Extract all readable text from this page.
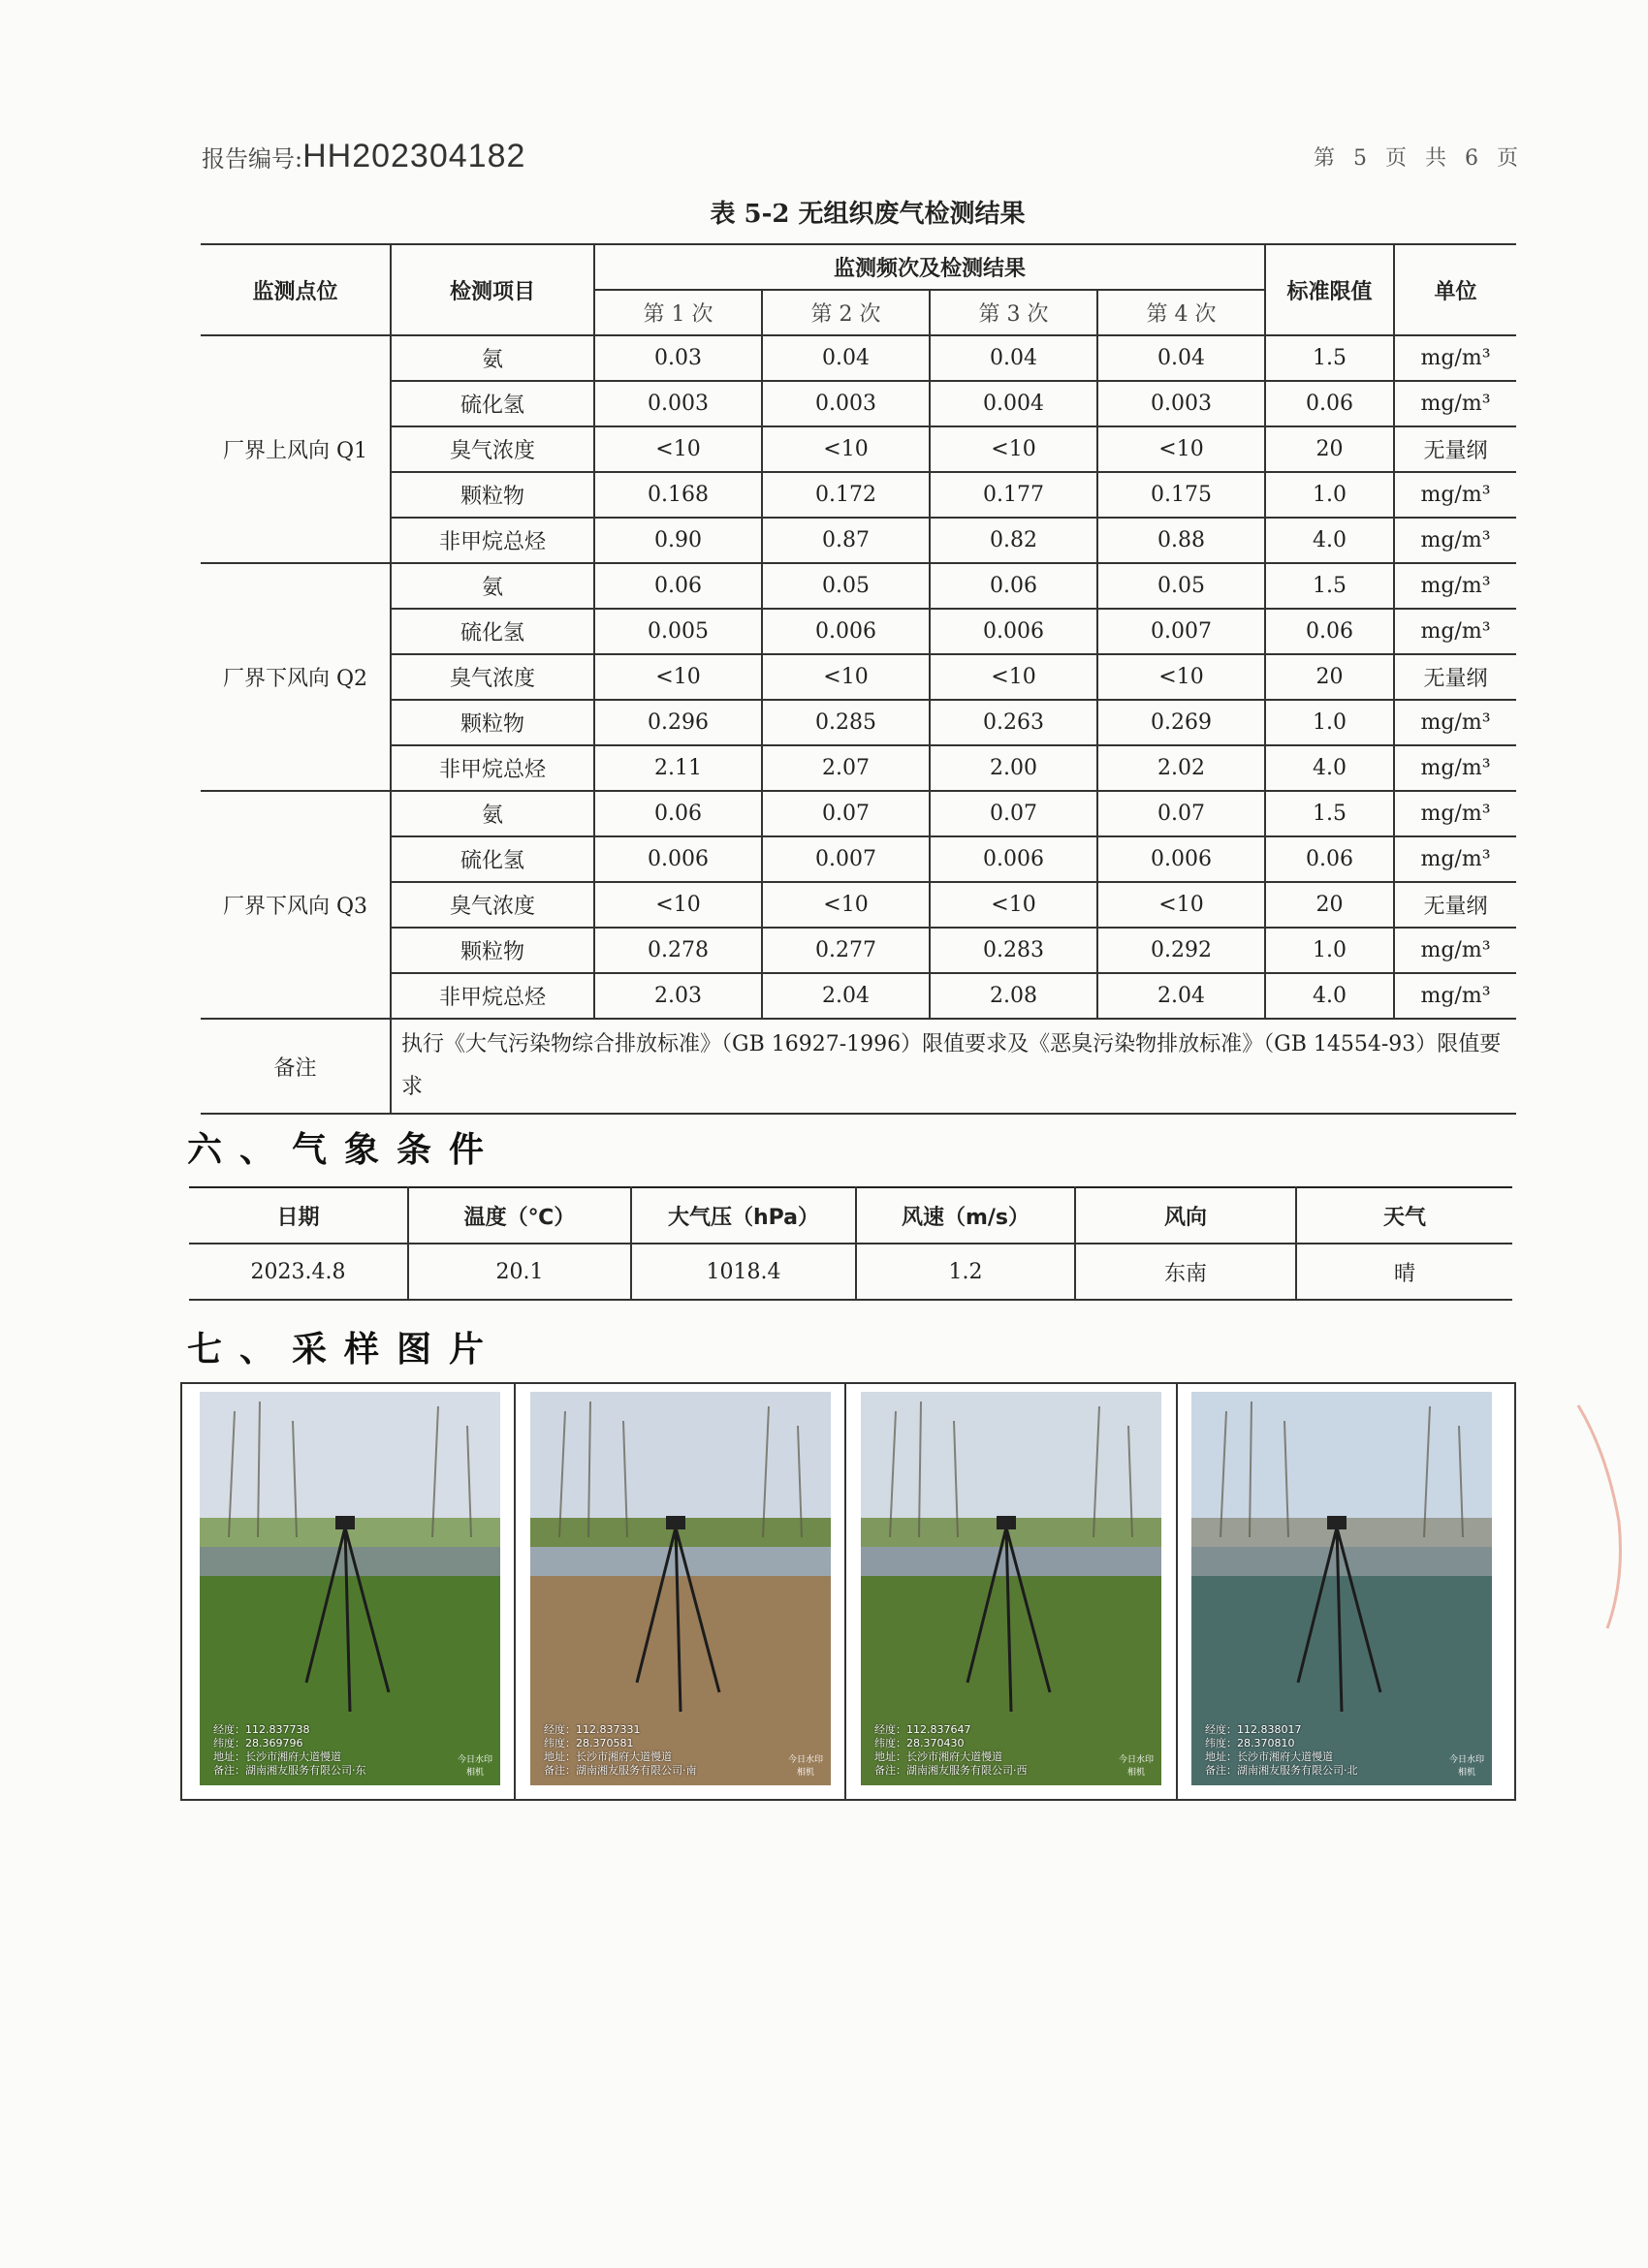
报告编号:HH202304182	第 5 页 共 6 页
表 5-2 无组织废气检测结果
监测点位	检测项目	监测频次及检测结果				标准限值	单位
		第 1 次	第 2 次	第 3 次	第 4 次		
厂界上风向 Q1	氨	0.03	0.04	0.04	0.04	1.5	mg/m³
	硫化氢	0.003	0.003	0.004	0.003	0.06	mg/m³
	臭气浓度	<10	<10	<10	<10	20	无量纲
	颗粒物	0.168	0.172	0.177	0.175	1.0	mg/m³
	非甲烷总烃	0.90	0.87	0.82	0.88	4.0	mg/m³
厂界下风向 Q2	氨	0.06	0.05	0.06	0.05	1.5	mg/m³
	硫化氢	0.005	0.006	0.006	0.007	0.06	mg/m³
	臭气浓度	<10	<10	<10	<10	20	无量纲
	颗粒物	0.296	0.285	0.263	0.269	1.0	mg/m³
	非甲烷总烃	2.11	2.07	2.00	2.02	4.0	mg/m³
厂界下风向 Q3	氨	0.06	0.07	0.07	0.07	1.5	mg/m³
	硫化氢	0.006	0.007	0.006	0.006	0.06	mg/m³
	臭气浓度	<10	<10	<10	<10	20	无量纲
	颗粒物	0.278	0.277	0.283	0.292	1.0	mg/m³
	非甲烷总烃	2.03	2.04	2.08	2.04	4.0	mg/m³
备注	执行《大气污染物综合排放标准》（GB 16927-1996）限值要求及《恶臭污染物排放标准》（GB 14554-93）限值要求						
六、气象条件
日期	温度（℃）	大气压（hPa）	风速（m/s）	风向	天气
2023.4.8	20.1	1018.4	1.2	东南	晴
七、采样图片
经度：112.837738
纬度：28.369796
地址：长沙市湘府大道慢道
备注：湖南湘友服务有限公司·东
今日水印
相机
经度：112.837331
纬度：28.370581
地址：长沙市湘府大道慢道
备注：湖南湘友服务有限公司·南
今日水印
相机
经度：112.837647
纬度：28.370430
地址：长沙市湘府大道慢道
备注：湖南湘友服务有限公司·西
今日水印
相机
经度：112.838017
纬度：28.370810
地址：长沙市湘府大道慢道
备注：湖南湘友服务有限公司·北
今日水印
相机
